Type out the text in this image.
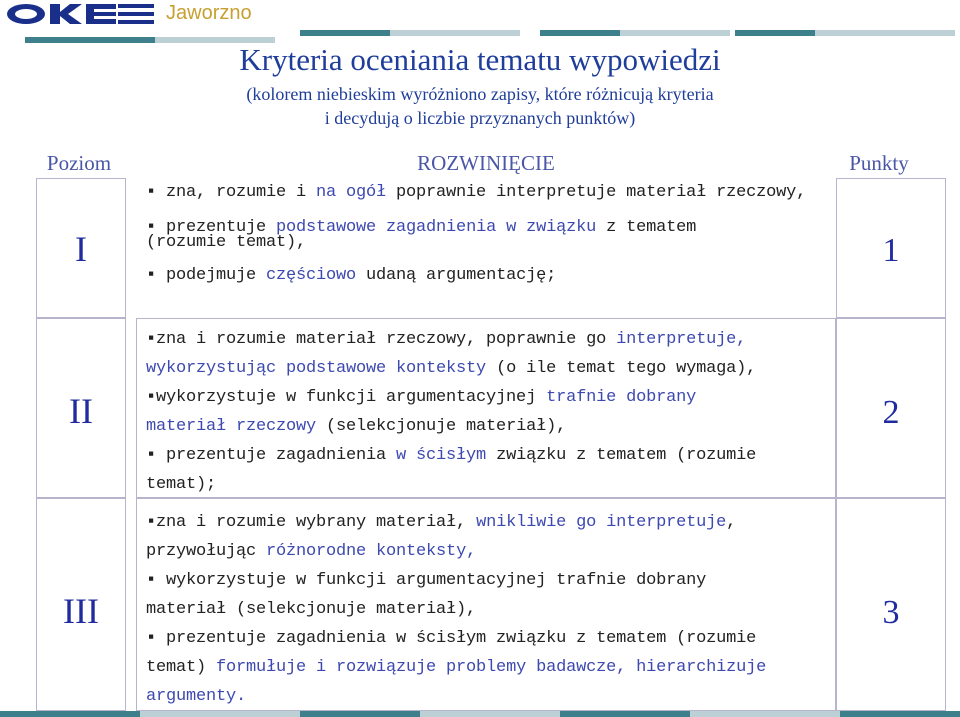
Jaworzno
Kryteria oceniania tematu wypowiedzi
(kolorem niebieskim wyróżniono zapisy, które różnicują kryteria
i decydują o liczbie przyznanych punktów)
Poziom	ROZWINIĘCIE	Punkty
I
II
III
1
2
3
▪ zna, rozumie i na ogół poprawnie interpretuje materiał rzeczowy,
▪ prezentuje podstawowe zagadnienia w związku z tematem
(rozumie temat),
▪ podejmuje częściowo udaną argumentację;
▪zna i rozumie materiał rzeczowy, poprawnie go interpretuje,
wykorzystując podstawowe konteksty (o ile temat tego wymaga),
▪wykorzystuje w funkcji argumentacyjnej trafnie dobrany
materiał rzeczowy (selekcjonuje materiał),
▪ prezentuje zagadnienia w ścisłym związku z tematem (rozumie
temat);
▪zna i rozumie wybrany materiał, wnikliwie go interpretuje,
przywołując różnorodne konteksty,
▪ wykorzystuje w funkcji argumentacyjnej trafnie dobrany
materiał (selekcjonuje materiał),
▪ prezentuje zagadnienia w ścisłym związku z tematem (rozumie
temat) formułuje i rozwiązuje problemy badawcze, hierarchizuje
argumenty.
